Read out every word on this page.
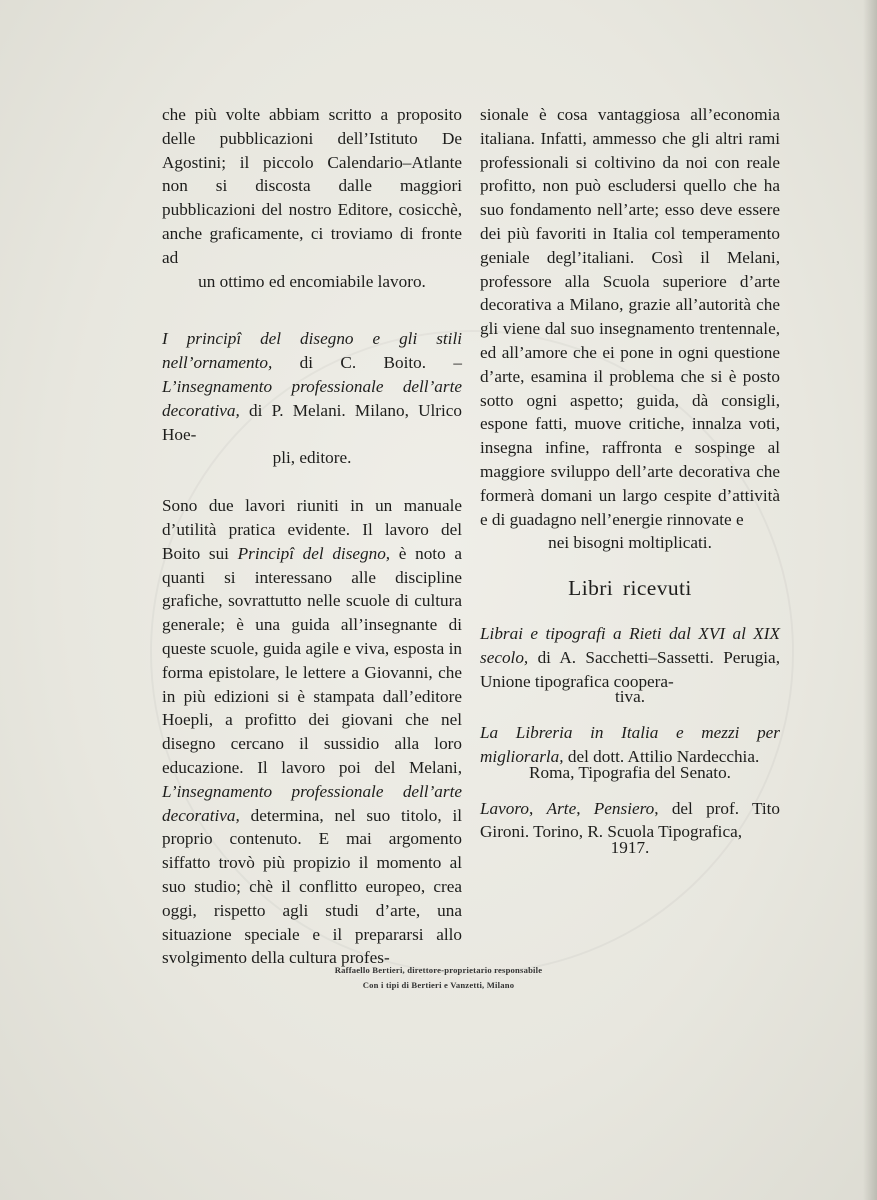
che più volte abbiam scritto a proposito delle pubblicazioni dell’Istituto De Agostini; il piccolo Calendario–Atlante non si discosta dalle maggiori pubblicazioni del nostro Editore, cosicchè, anche graficamente, ci troviamo di fronte ad

un ottimo ed encomiabile lavoro.

I principî del disegno e gli stili nell’ornamento, di C. Boito. – L’insegnamento professionale dell’arte decorativa, di P. Melani. Milano, Ulrico Hoe-

pli, editore.

Sono due lavori riuniti in un manuale d’utilità pratica evidente. Il lavoro del Boito sui Principî del disegno, è noto a quanti si interessano alle discipline grafiche, sovrattutto nelle scuole di cultura generale; è una guida all’insegnante di queste scuole, guida agile e viva, esposta in forma epistolare, le lettere a Giovanni, che in più edizioni si è stampata dall’editore Hoepli, a profitto dei giovani che nel disegno cercano il sussidio alla loro educazione. Il lavoro poi del Melani, L’insegnamento professionale dell’arte decorativa, determina, nel suo titolo, il proprio contenuto. E mai argomento siffatto trovò più propizio il momento al suo studio; chè il conflitto europeo, crea oggi, rispetto agli studi d’arte, una situazione speciale e il prepararsi allo svolgimento della cultura profes-

sionale è cosa vantaggiosa all’economia italiana. Infatti, ammesso che gli altri rami professionali si coltivino da noi con reale profitto, non può escludersi quello che ha suo fondamento nell’arte; esso deve essere dei più favoriti in Italia col temperamento geniale degl’italiani. Così il Melani, professore alla Scuola superiore d’arte decorativa a Milano, grazie all’autorità che gli viene dal suo insegnamento trentennale, ed all’amore che ei pone in ogni questione d’arte, esamina il problema che si è posto sotto ogni aspetto; guida, dà consigli, espone fatti, muove critiche, innalza voti, insegna infine, raffronta e sospinge al maggiore sviluppo dell’arte decorativa che formerà domani un largo cespite d’attività e di guadagno nell’energie rinnovate e

nei bisogni moltiplicati.

Libri ricevuti

Librai e tipografi a Rieti dal XVI al XIX secolo, di A. Sacchetti–Sassetti. Perugia, Unione tipografica coopera-

tiva.

La Libreria in Italia e mezzi per migliorarla, del dott. Attilio Nardecchia.

Roma, Tipografia del Senato.

Lavoro, Arte, Pensiero, del prof. Tito Gironi. Torino, R. Scuola Tipografica,

1917.

Raffaello Bertieri, direttore-proprietario responsabile
Con i tipi di Bertieri e Vanzetti, Milano
